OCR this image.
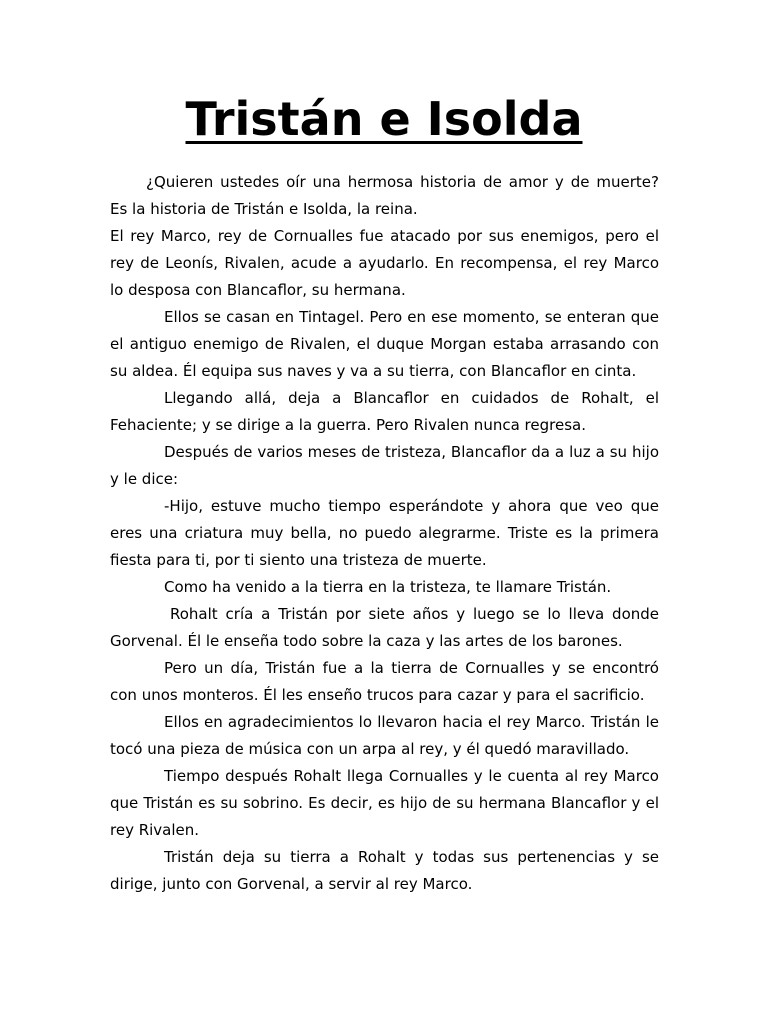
Tristán e Isolda

¿Quieren ustedes oír una hermosa historia de amor y de muerte? Es la historia de Tristán e Isolda, la reina.

El rey Marco, rey de Cornualles fue atacado por sus enemigos, pero el rey de Leonís, Rivalen, acude a ayudarlo. En recompensa, el rey Marco lo desposa con Blancaflor, su hermana.

Ellos se casan en Tintagel. Pero en ese momento, se enteran que el antiguo enemigo de Rivalen, el duque Morgan estaba arrasando con su aldea. Él equipa sus naves y va a su tierra, con Blancaflor en cinta.

Llegando allá, deja a Blancaflor en cuidados de Rohalt, el Fehaciente; y se dirige a la guerra. Pero Rivalen nunca regresa.

Después de varios meses de tristeza, Blancaflor da a luz a su hijo y le dice:

-Hijo, estuve mucho tiempo esperándote y ahora que veo que eres una criatura muy bella, no puedo alegrarme. Triste es la primera fiesta para ti, por ti siento una tristeza de muerte.

Como ha venido a la tierra en la tristeza, te llamare Tristán.

Rohalt cría a Tristán por siete años y luego se lo lleva donde Gorvenal. Él le enseña todo sobre la caza y las artes de los barones.

Pero un día, Tristán fue a la tierra de Cornualles y se encontró con unos monteros. Él les enseño trucos para cazar y para el sacrificio.

Ellos en agradecimientos lo llevaron hacia el rey Marco. Tristán le tocó una pieza de música con un arpa al rey, y él quedó maravillado.

Tiempo después Rohalt llega Cornualles y le cuenta al rey Marco que Tristán es su sobrino. Es decir, es hijo de su hermana Blancaflor y el rey Rivalen.

Tristán deja su tierra a Rohalt y todas sus pertenencias y se dirige, junto con Gorvenal, a servir al rey Marco.
